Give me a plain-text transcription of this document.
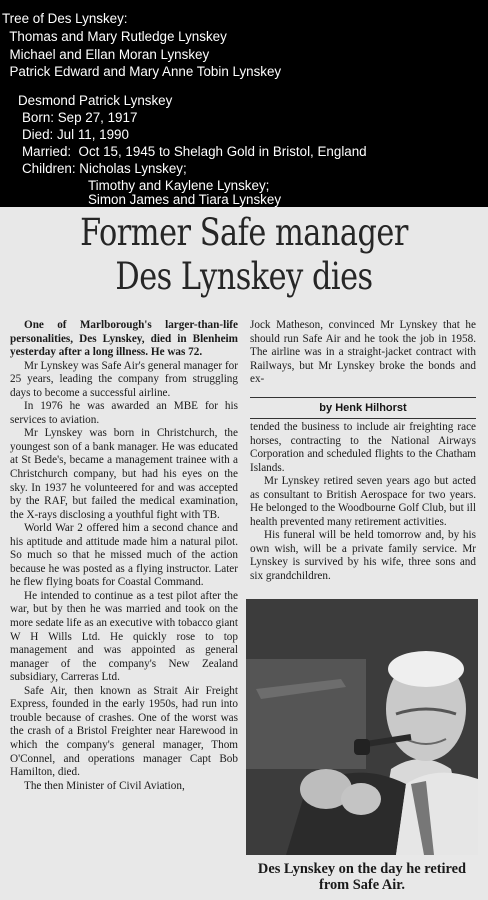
Tree of Des Lynskey:
Thomas and Mary Rutledge Lynskey
Michael and Ellan Moran Lynskey
Patrick Edward and Mary Anne Tobin Lynskey
Desmond Patrick Lynskey
Born: Sep 27, 1917
Died: Jul 11, 1990
Married:  Oct 15, 1945 to Shelagh Gold in Bristol, England
Children: Nicholas Lynskey;
Timothy and Kaylene Lynskey;
Simon James and Tiara Lynskey
Former Safe manager
Des Lynskey dies

One of Marlborough's larger-than-life personalities, Des Lynskey, died in Blenheim yesterday after a long illness. He was 72.

Mr Lynskey was Safe Air's general manager for 25 years, leading the company from struggling days to become a successful airline.

In 1976 he was awarded an MBE for his services to aviation.

Mr Lynskey was born in Christchurch, the youngest son of a bank manager. He was educated at St Bede's, became a management trainee with a Christchurch company, but had his eyes on the sky. In 1937 he volunteered for and was accepted by the RAF, but failed the medical examination, the X-rays disclosing a youthful fight with TB.

World War 2 offered him a second chance and his aptitude and attitude made him a natural pilot. So much so that he missed much of the action because he was posted as a flying instructor. Later he flew flying boats for Coastal Command.

He intended to continue as a test pilot after the war, but by then he was married and took on the more sedate life as an executive with tobacco giant W H Wills Ltd. He quickly rose to top management and was appointed as general manager of the company's New Zealand subsidiary, Carreras Ltd.

Safe Air, then known as Strait Air Freight Express, founded in the early 1950s, had run into trouble because of crashes. One of the worst was the crash of a Bristol Freighter near Harewood in which the company's general manager, Thom O'Connel, and operations manager Capt Bob Hamilton, died.

The then Minister of Civil Aviation,

Jock Matheson, convinced Mr Lynskey that he should run Safe Air and he took the job in 1958. The airline was in a straight-jacket contract with Railways, but Mr Lynskey broke the bonds and ex-

by Henk Hilhorst

tended the business to include air freighting race horses, contracting to the National Airways Corporation and scheduled flights to the Chatham Islands.

Mr Lynskey retired seven years ago but acted as consultant to British Aerospace for two years. He belonged to the Woodbourne Golf Club, but ill health prevented many retirement activities.

His funeral will be held tomorrow and, by his own wish, will be a private family service. Mr Lynskey is survived by his wife, three sons and six grandchildren.

Des Lynskey on the day he retired from Safe Air.
